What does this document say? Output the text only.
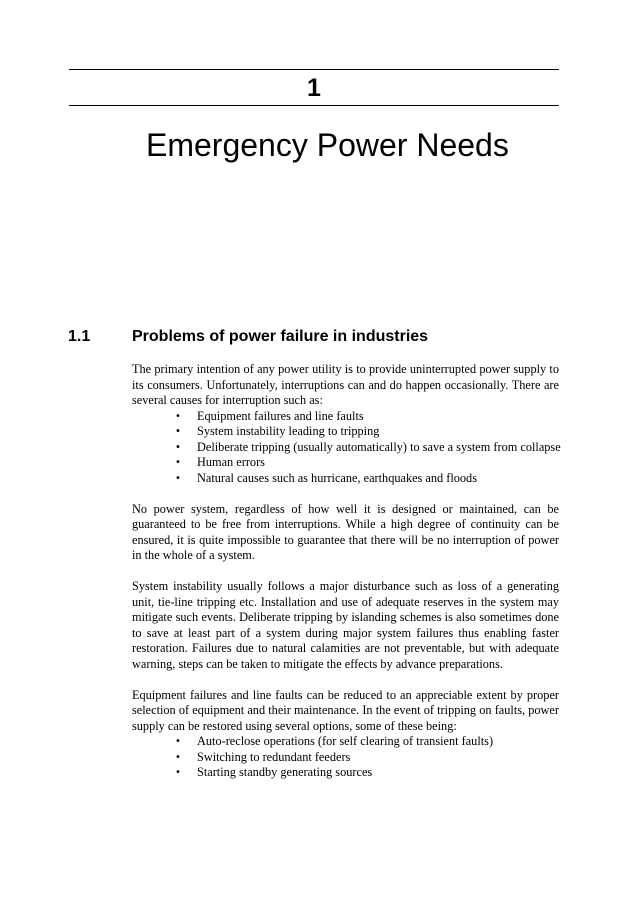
1
Emergency Power Needs
1.1	Problems of power failure in industries

The primary intention of any power utility is to provide uninterrupted power supply to its consumers. Unfortunately, interruptions can and do happen occasionally. There are several causes for interruption such as:

• Equipment failures and line faults
• System instability leading to tripping
• Deliberate tripping (usually automatically) to save a system from collapse
• Human errors
• Natural causes such as hurricane, earthquakes and floods

No power system, regardless of how well it is designed or maintained, can be guaranteed to be free from interruptions. While a high degree of continuity can be ensured, it is quite impossible to guarantee that there will be no interruption of power in the whole of a system.

System instability usually follows a major disturbance such as loss of a generating unit, tie-line tripping etc. Installation and use of adequate reserves in the system may mitigate such events. Deliberate tripping by islanding schemes is also sometimes done to save at least part of a system during major system failures thus enabling faster restoration. Failures due to natural calamities are not preventable, but with adequate warning, steps can be taken to mitigate the effects by advance preparations.

Equipment failures and line faults can be reduced to an appreciable extent by proper selection of equipment and their maintenance. In the event of tripping on faults, power supply can be restored using several options, some of these being:

• Auto-reclose operations (for self clearing of transient faults)
• Switching to redundant feeders
• Starting standby generating sources
